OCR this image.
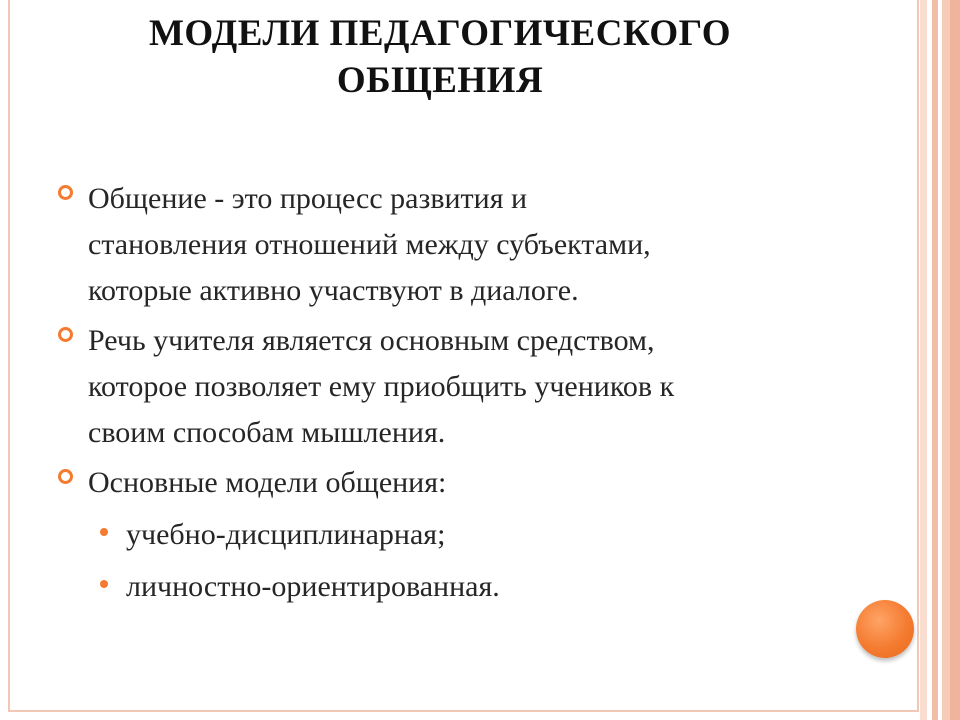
МОДЕЛИ ПЕДАГОГИЧЕСКОГО
ОБЩЕНИЯ
Общение - это процесс развития и
становления отношений между субъектами,
которые активно участвуют в диалоге.
Речь учителя является основным средством,
которое позволяет ему приобщить учеников к
своим способам мышления.
Основные модели общения:
учебно-дисциплинарная;
личностно-ориентированная.
